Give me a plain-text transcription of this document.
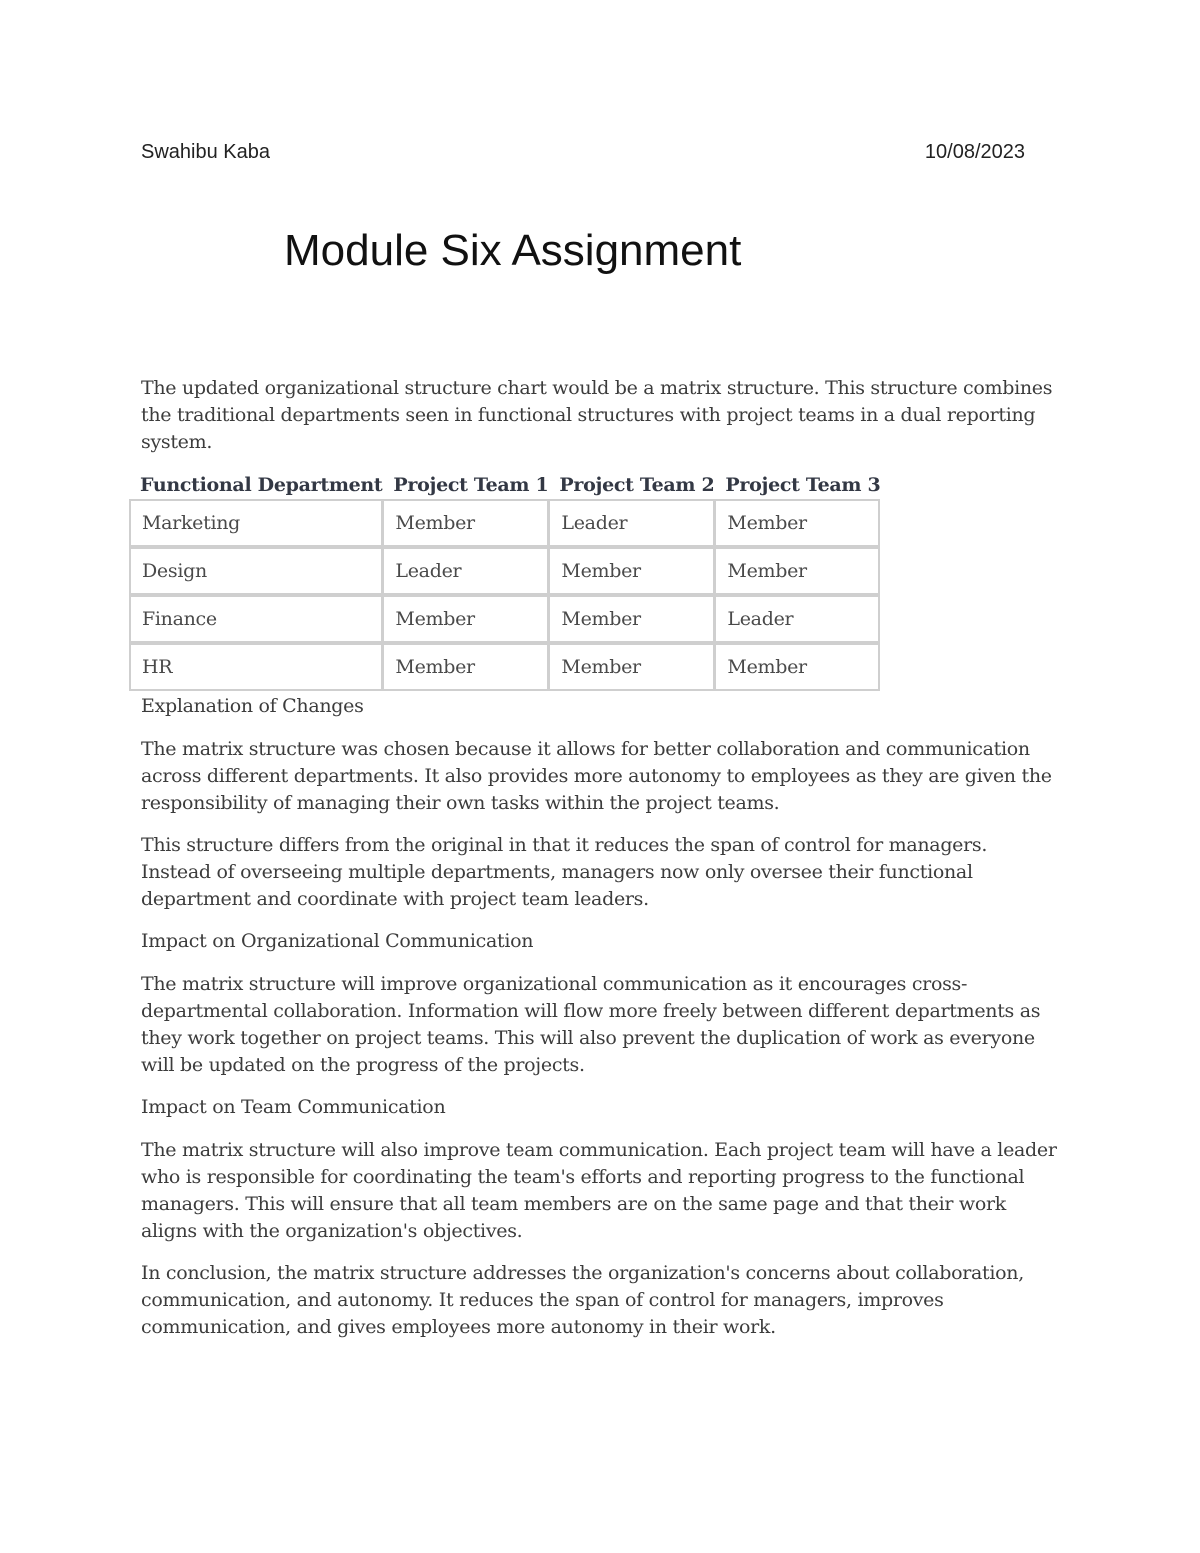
Swahibu Kaba	10/08/2023
Module Six Assignment

The updated organizational structure chart would be a matrix structure. This structure combines the traditional departments seen in functional structures with project teams in a dual reporting system.

Functional Department	Project Team 1	Project Team 2	Project Team 3
Marketing	Member	Leader	Member
Design	Leader	Member	Member
Finance	Member	Member	Leader
HR	Member	Member	Member

Explanation of Changes

The matrix structure was chosen because it allows for better collaboration and communication across different departments. It also provides more autonomy to employees as they are given the responsibility of managing their own tasks within the project teams.

This structure differs from the original in that it reduces the span of control for managers. Instead of overseeing multiple departments, managers now only oversee their functional department and coordinate with project team leaders.

Impact on Organizational Communication

The matrix structure will improve organizational communication as it encourages cross-departmental collaboration. Information will flow more freely between different departments as they work together on project teams. This will also prevent the duplication of work as everyone will be updated on the progress of the projects.

Impact on Team Communication

The matrix structure will also improve team communication. Each project team will have a leader who is responsible for coordinating the team's efforts and reporting progress to the functional managers. This will ensure that all team members are on the same page and that their work aligns with the organization's objectives.

In conclusion, the matrix structure addresses the organization's concerns about collaboration, communication, and autonomy. It reduces the span of control for managers, improves communication, and gives employees more autonomy in their work.
